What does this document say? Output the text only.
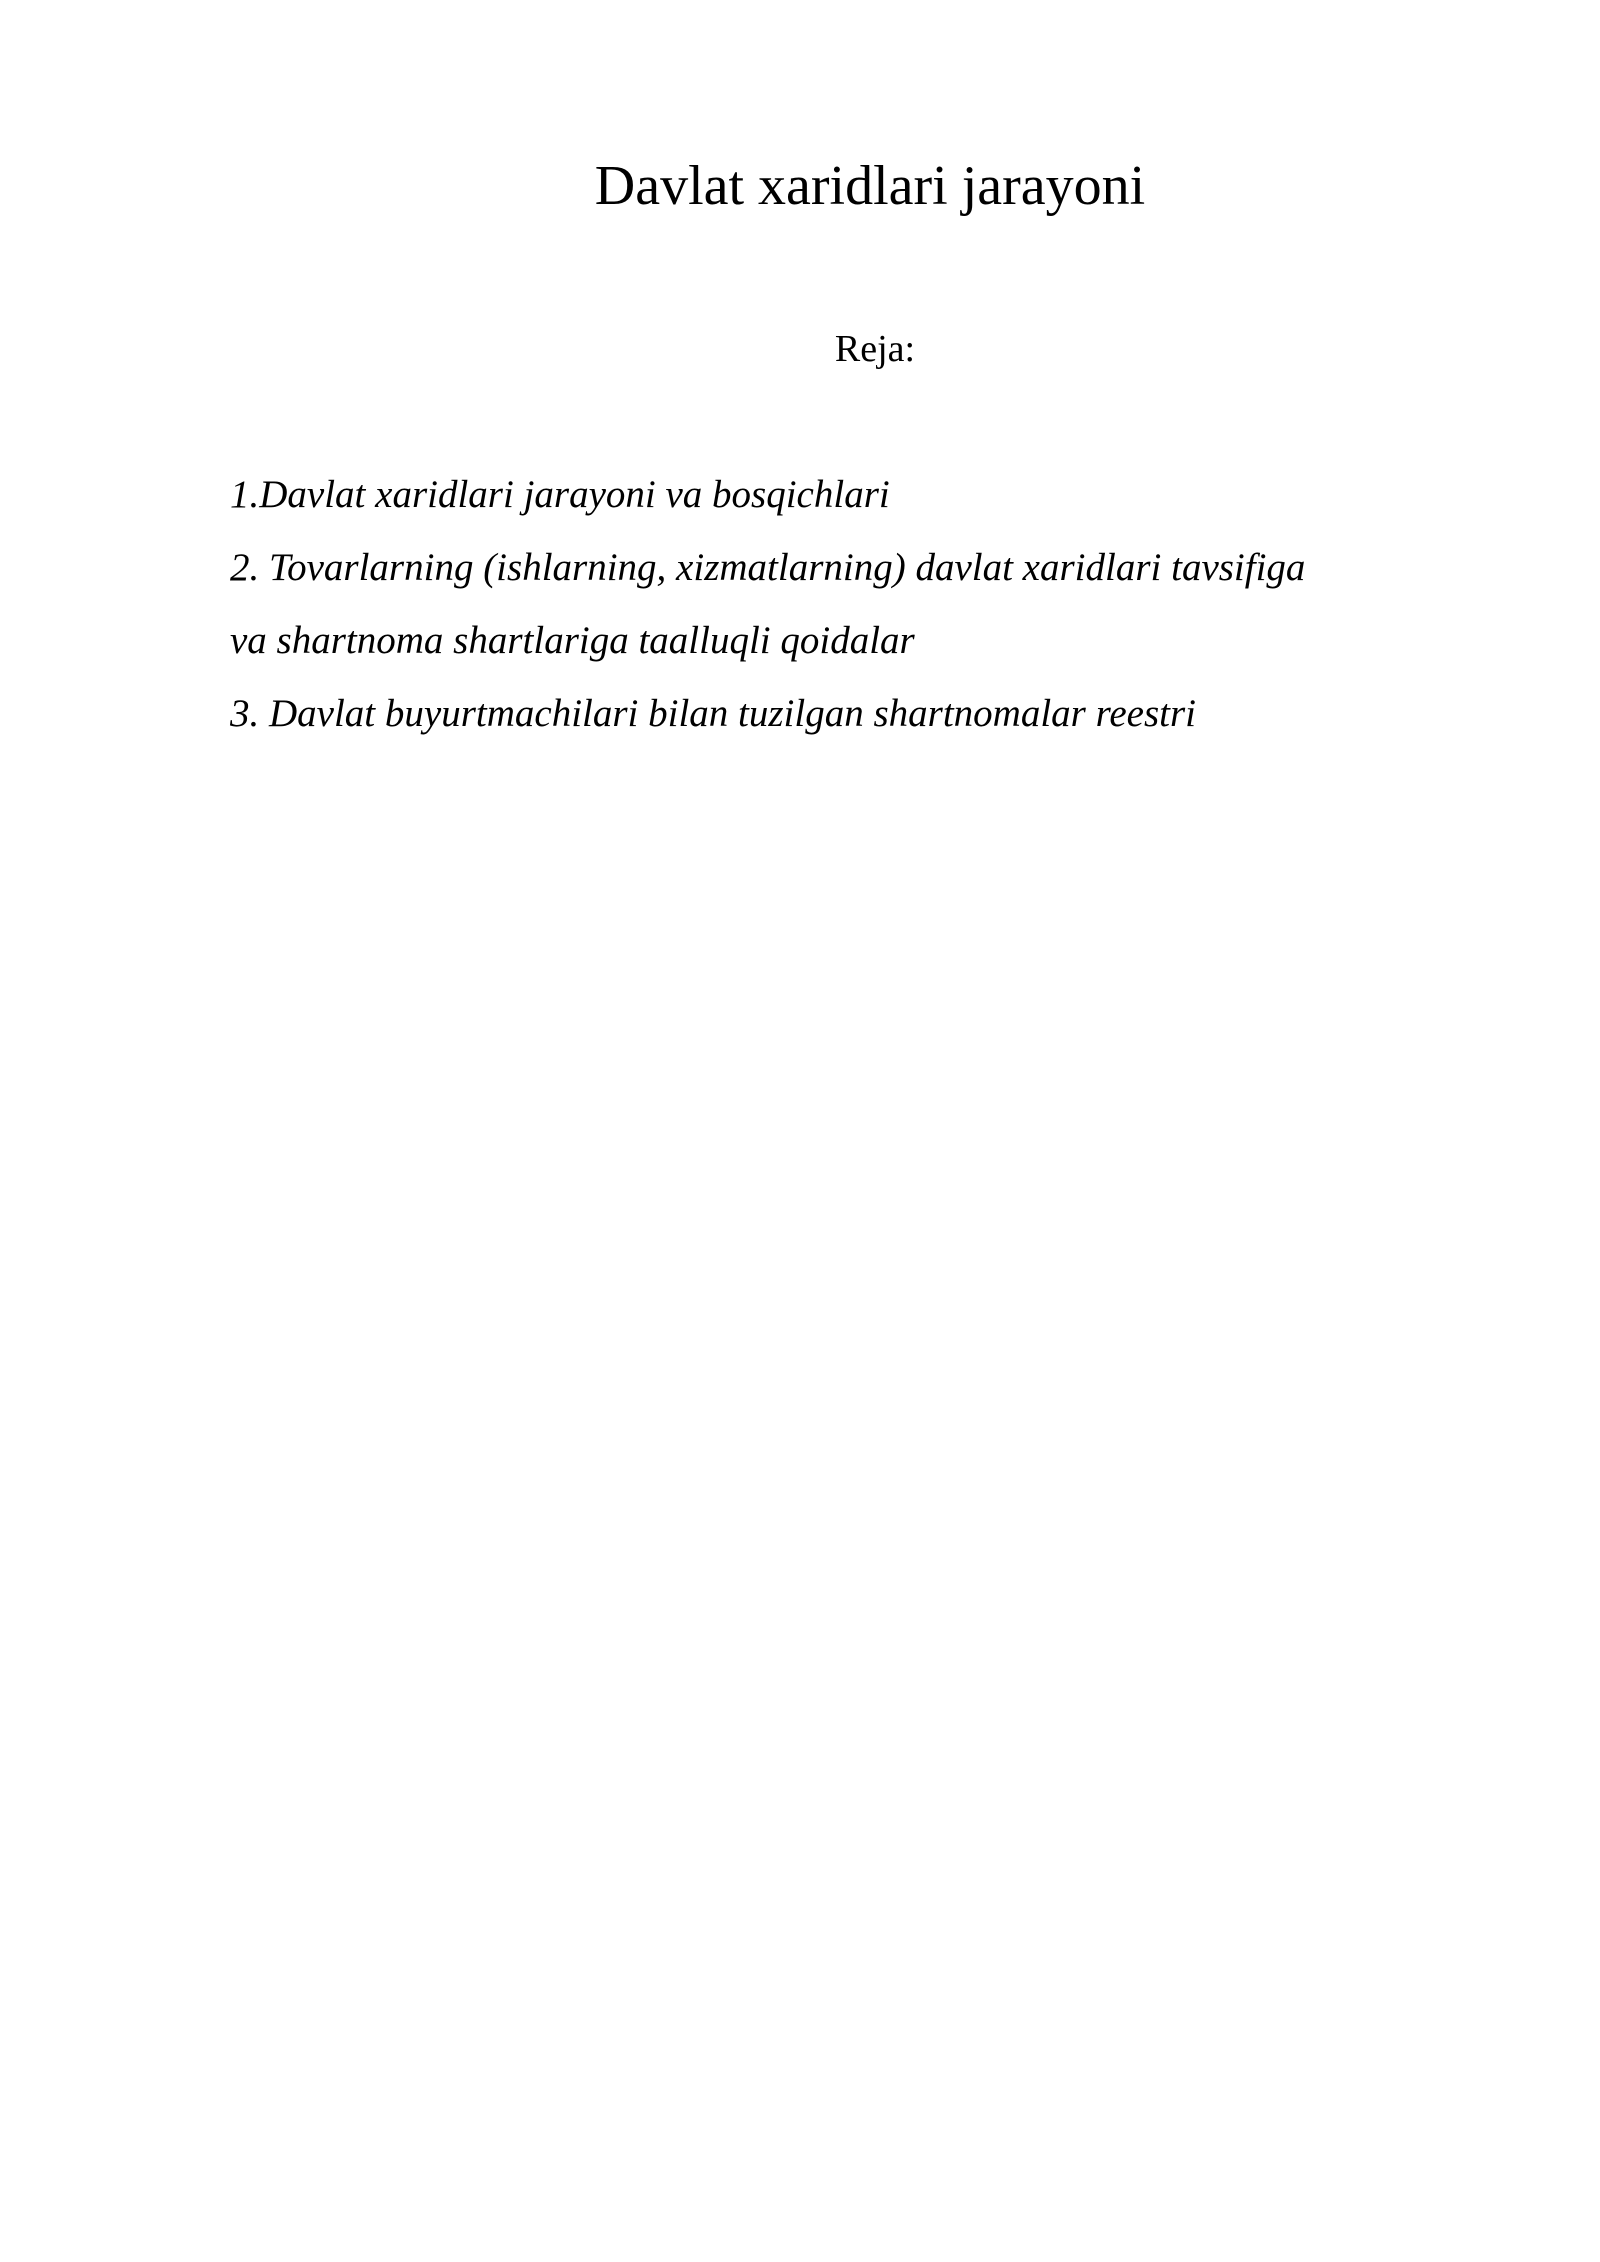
Davlat xaridlari jarayoni

Reja:

1.Davlat xaridlari jarayoni va bosqichlari
2. Tovarlarning (ishlarning, xizmatlarning) davlat xaridlari tavsifiga
va shartnoma shartlariga taalluqli qoidalar
3. Davlat buyurtmachilari bilan tuzilgan shartnomalar reestri
